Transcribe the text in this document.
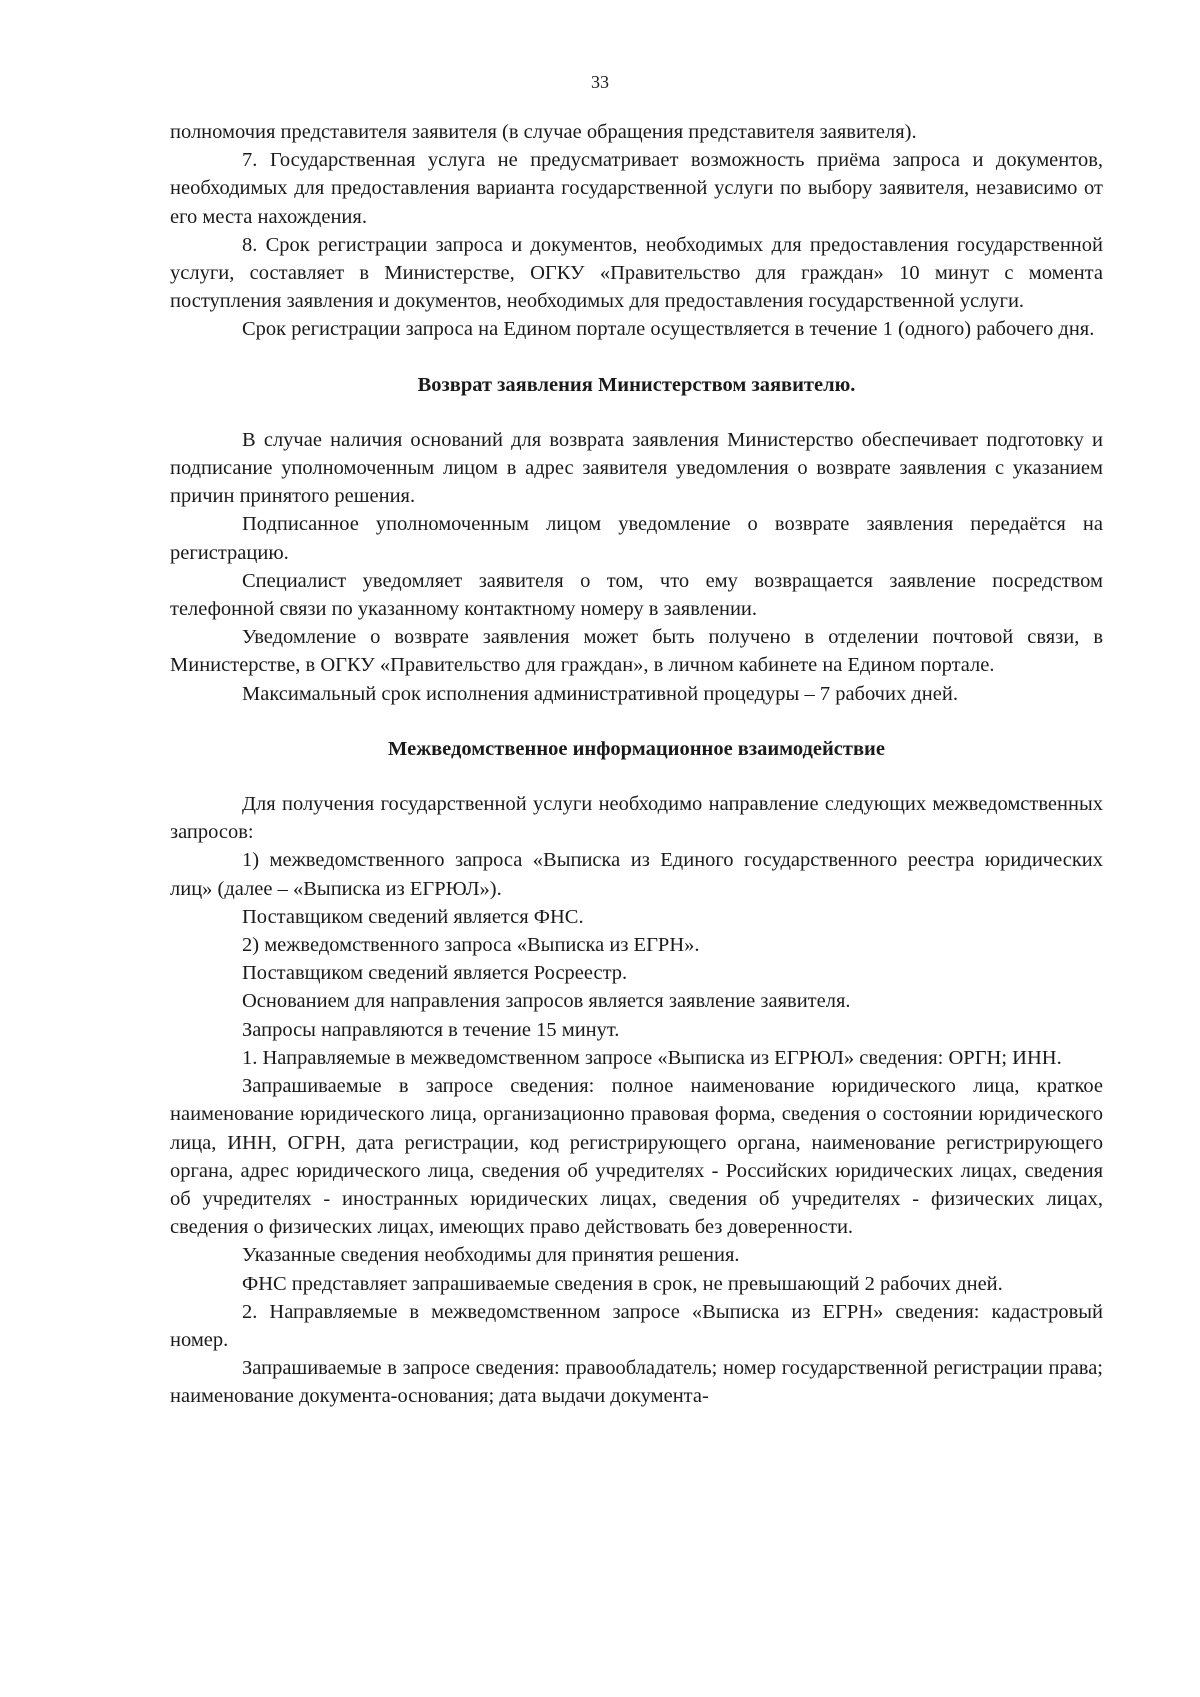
33

полномочия представителя заявителя (в случае обращения представителя заявителя).

7. Государственная услуга не предусматривает возможность приёма запроса и документов, необходимых для предоставления варианта государственной услуги по выбору заявителя, независимо от его места нахождения.

8. Срок регистрации запроса и документов, необходимых для предоставления государственной услуги, составляет в Министерстве, ОГКУ «Правительство для граждан» 10 минут с момента поступления заявления и документов, необходимых для предоставления государственной услуги.

Срок регистрации запроса на Едином портале осуществляется в течение 1 (одного) рабочего дня.

Возврат заявления Министерством заявителю.

В случае наличия оснований для возврата заявления Министерство обеспечивает подготовку и подписание уполномоченным лицом в адрес заявителя уведомления о возврате заявления с указанием причин принятого решения.

Подписанное уполномоченным лицом уведомление о возврате заявления передаётся на регистрацию.

Специалист уведомляет заявителя о том, что ему возвращается заявление посредством телефонной связи по указанному контактному номеру в заявлении.

Уведомление о возврате заявления может быть получено в отделении почтовой связи, в Министерстве, в ОГКУ «Правительство для граждан», в личном кабинете на Едином портале.

Максимальный срок исполнения административной процедуры – 7 рабочих дней.

Межведомственное информационное взаимодействие

Для получения государственной услуги необходимо направление следующих межведомственных запросов:

1) межведомственного запроса «Выписка из Единого государственного реестра юридических лиц» (далее – «Выписка из ЕГРЮЛ»).

Поставщиком сведений является ФНС.

2) межведомственного запроса «Выписка из ЕГРН».

Поставщиком сведений является Росреестр.

Основанием для направления запросов является заявление заявителя.

Запросы направляются в течение 15 минут.

1. Направляемые в межведомственном запросе «Выписка из ЕГРЮЛ» сведения: ОРГН; ИНН.

Запрашиваемые в запросе сведения: полное наименование юридического лица, краткое наименование юридического лица, организационно правовая форма, сведения о состоянии юридического лица, ИНН, ОГРН, дата регистрации, код регистрирующего органа, наименование регистрирующего органа, адрес юридического лица, сведения об учредителях - Российских юридических лицах, сведения об учредителях - иностранных юридических лицах, сведения об учредителях - физических лицах, сведения о физических лицах, имеющих право действовать без доверенности.

Указанные сведения необходимы для принятия решения.

ФНС представляет запрашиваемые сведения в срок, не превышающий 2 рабочих дней.

2. Направляемые в межведомственном запросе «Выписка из ЕГРН» сведения: кадастровый номер.

Запрашиваемые в запросе сведения: правообладатель; номер государственной регистрации права; наименование документа-основания; дата выдачи документа-
